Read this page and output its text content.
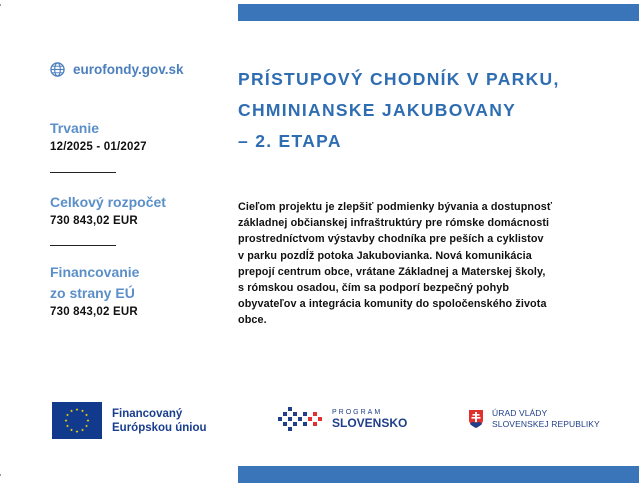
eurofondy.gov.sk
Trvanie
12/2025 - 01/2027
Celkový rozpočet
730 843,02 EUR
Financovanie
zo strany EÚ
730 843,02 EUR
PRÍSTUPOVÝ CHODNÍK V PARKU,
CHMINIANSKE JAKUBOVANY
– 2. ETAPA
Cieľom projektu je zlepšiť podmienky bývania a dostupnosť
základnej občianskej infraštruktúry pre rómske domácnosti
prostredníctvom výstavby chodníka pre peších a cyklistov
v parku pozdĺž potoka Jakubovianka. Nová komunikácia
prepojí centrum obce, vrátane Základnej a Materskej školy,
s rómskou osadou, čím sa podporí bezpečný pohyb
obyvateľov a integrácia komunity do spoločenského života
obce.
Financovaný
Európskou úniou
PROGRAM
SLOVENSKO
ÚRAD VLÁDY
SLOVENSKEJ REPUBLIKY
